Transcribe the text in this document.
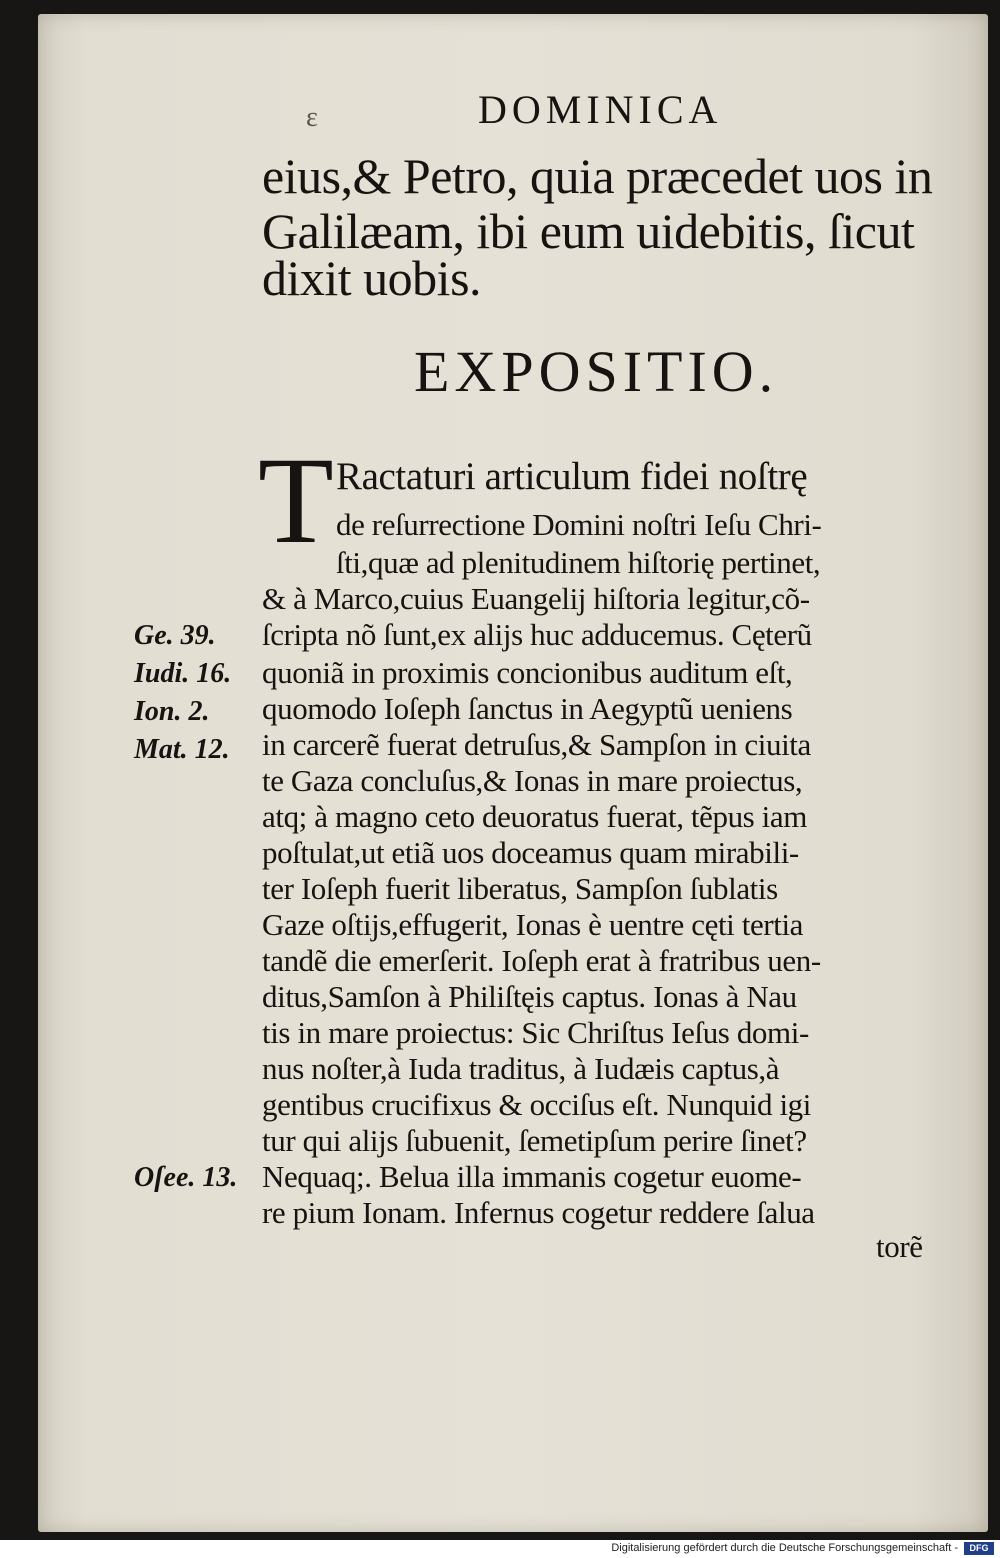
ɛ	DOMINICA
eius,& Petro, quia præcedet uos in
Galilæam, ibi eum uidebitis, ſicut
dixit uobis.
EXPOSITIO.
T Ractaturi articulum fidei noſtrę
de reſurrectione Domini noſtri Ieſu Chri-
ſti,quæ ad plenitudinem hiſtorię pertinet,
& à Marco,cuius Euangelij hiſtoria legitur,cõ-
ſcripta nõ ſunt,ex alijs huc adducemus. Cęterũ
quoniã in proximis concionibus auditum eſt,
quomodo Ioſeph ſanctus in Aegyptũ ueniens
in carcerẽ fuerat detruſus,& Sampſon in ciuita
te Gaza concluſus,& Ionas in mare proiectus,
atq; à magno ceto deuoratus fuerat, tẽpus iam
poſtulat,ut etiã uos doceamus quam mirabili-
ter Ioſeph fuerit liberatus, Sampſon ſublatis
Gaze oſtijs,effugerit, Ionas è uentre cęti tertia
tandẽ die emerſerit. Ioſeph erat à fratribus uen-
ditus,Samſon à Philiſtęis captus. Ionas à Nau
tis in mare proiectus: Sic Chriſtus Ieſus domi-
nus noſter,à Iuda traditus, à Iudæis captus,à
gentibus crucifixus & occiſus eſt. Nunquid igi
tur qui alijs ſubuenit, ſemetipſum perire ſinet?
Nequaq;. Belua illa immanis cogetur euome-
re pium Ionam. Infernus cogetur reddere ſalua
torẽ
Ge. 39.
Iudi. 16.
Ion. 2.
Mat. 12.
Oſee. 13.
Digitalisierung gefördert durch die Deutsche Forschungsgemeinschaft -	DFG
